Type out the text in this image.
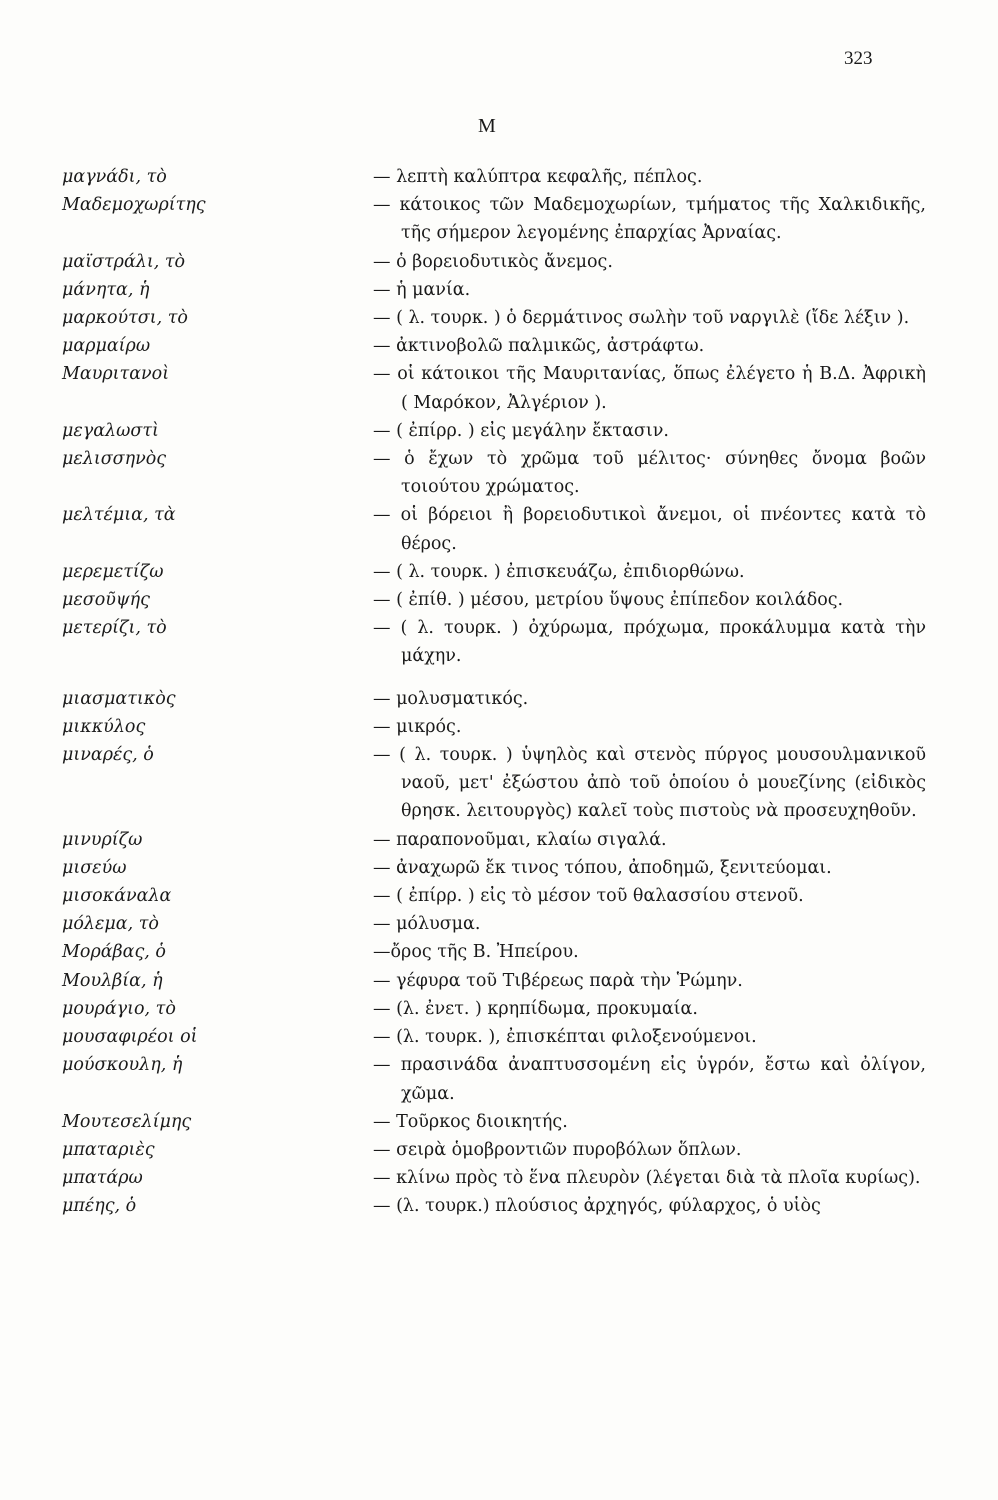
323
Μ
μαγνάδι, τὸ	— λεπτὴ καλύπτρα κεφαλῆς, πέπλος.
Μαδεμοχωρίτης	— κάτοικος τῶν Μαδεμοχωρίων, τμήματος τῆς Χαλκιδικῆς, τῆς σήμερον λεγομένης ἐπαρχίας Ἀρναίας.
μαϊστράλι, τὸ	— ὁ βορειοδυτικὸς ἄνεμος.
μάνητα, ἡ	— ἡ μανία.
μαρκούτσι, τὸ	— ( λ. τουρκ. ) ὁ δερμάτινος σωλὴν τοῦ ναργιλὲ (ἴδε λέξιν ).
μαρμαίρω	— ἀκτινοβολῶ παλμικῶς, ἀστράφτω.
Μαυριτανοὶ	— οἱ κάτοικοι τῆς Μαυριτανίας, ὅπως ἐλέγετο ἡ Β.Δ. Ἀφρικὴ ( Μαρόκον, Ἀλγέριον ).
μεγαλωστὶ	— ( ἐπίρρ. ) εἰς μεγάλην ἔκτασιν.
μελισσηνὸς	— ὁ ἔχων τὸ χρῶμα τοῦ μέλιτος· σύνηθες ὄνομα βοῶν τοιούτου χρώματος.
μελτέμια, τὰ	— οἱ βόρειοι ἢ βορειοδυτικοὶ ἄνεμοι, οἱ πνέοντες κατὰ τὸ θέρος.
μερεμετίζω	— ( λ. τουρκ. ) ἐπισκευάζω, ἐπιδιορθώνω.
μεσοῦψής	— ( ἐπίθ. ) μέσου, μετρίου ὕψους ἐπίπεδον κοιλάδος.
μετερίζι, τὸ	— ( λ. τουρκ. ) ὀχύρωμα, πρόχωμα, προκάλυμμα κατὰ τὴν μάχην.
μιασματικὸς	— μολυσματικός.
μικκύλος	— μικρός.
μιναρές, ὁ	— ( λ. τουρκ. ) ὑψηλὸς καὶ στενὸς πύργος μουσουλμανικοῦ ναοῦ, μετ' ἐξώστου ἀπὸ τοῦ ὁποίου ὁ μουεζίνης (εἰδικὸς θρησκ. λειτουργὸς) καλεῖ τοὺς πιστοὺς νὰ προσευχηθοῦν.
μινυρίζω	— παραπονοῦμαι, κλαίω σιγαλά.
μισεύω	— ἀναχωρῶ ἔκ τινος τόπου, ἀποδημῶ, ξενιτεύομαι.
μισοκάναλα	— ( ἐπίρρ. ) εἰς τὸ μέσον τοῦ θαλασσίου στενοῦ.
μόλεμα, τὸ	— μόλυσμα.
Μοράβας, ὁ	—ὄρος τῆς Β. Ἠπείρου.
Μουλβία, ἡ	— γέφυρα τοῦ Τιβέρεως παρὰ τὴν Ῥώμην.
μουράγιο, τὸ	— (λ. ἐνετ. ) κρηπίδωμα, προκυμαία.
μουσαφιρέοι οἱ	— (λ. τουρκ. ), ἐπισκέπται φιλοξενούμενοι.
μούσκουλη, ἡ	— πρασινάδα ἀναπτυσσομένη εἰς ὑγρόν, ἔστω καὶ ὀλίγον, χῶμα.
Μουτεσελίμης	— Τοῦρκος διοικητής.
μπαταριὲς	— σειρὰ ὁμοβροντιῶν πυροβόλων ὅπλων.
μπατάρω	— κλίνω πρὸς τὸ ἕνα πλευρὸν (λέγεται διὰ τὰ πλοῖα κυρίως).
μπέης, ὁ	— (λ. τουρκ.) πλούσιος ἀρχηγός, φύλαρχος, ὁ υἱὸς
